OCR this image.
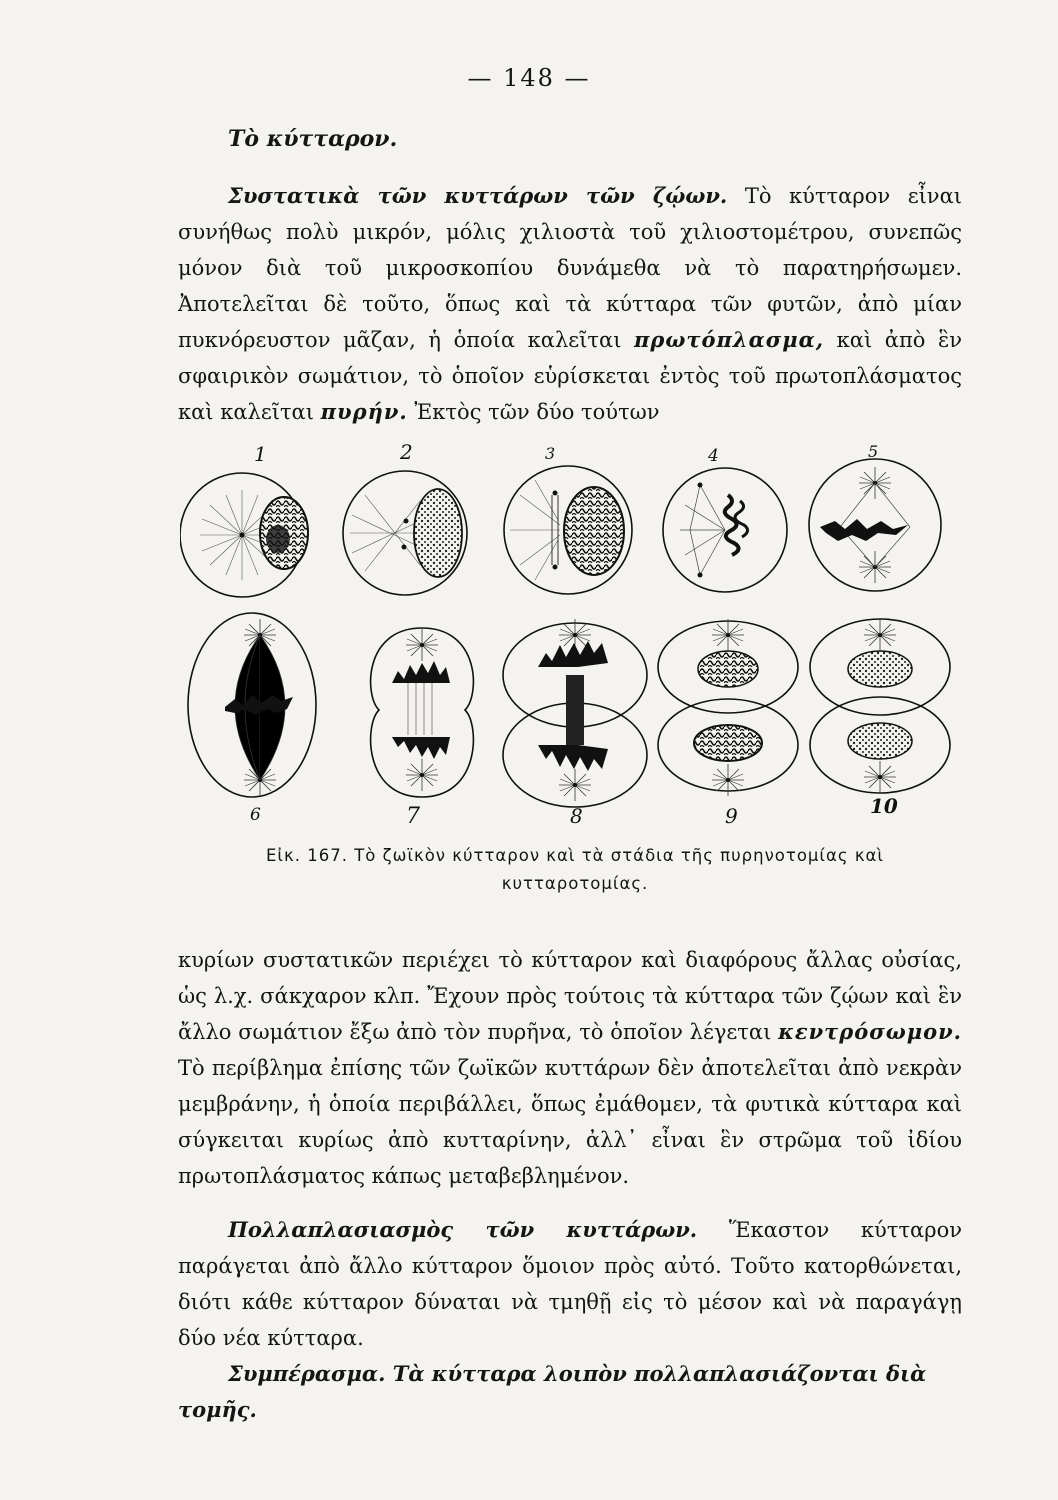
— 148 —
Τὸ κύτταρον.

Συστατικὰ τῶν κυττάρων τῶν ζῴων. Τὸ κύτταρον εἶναι συνήθως πολὺ μικρόν, μόλις χιλιοστὰ τοῦ χιλιοστομέτρου, συνεπῶς μόνον διὰ τοῦ μικροσκοπίου δυνάμεθα νὰ τὸ παρατηρήσωμεν. Ἀποτελεῖται δὲ τοῦτο, ὅπως καὶ τὰ κύτταρα τῶν φυτῶν, ἀπὸ μίαν πυκνόρευστον μᾶζαν, ἡ ὁποία καλεῖται πρωτόπλασμα, καὶ ἀπὸ ἓν σφαιρικὸν σωμάτιον, τὸ ὁποῖον εὑρίσκεται ἐντὸς τοῦ πρωτοπλάσματος καὶ καλεῖται πυρήν. Ἐκτὸς τῶν δύο τούτων

1	2	3	4	5
6	7	8	9	10
Εἰκ. 167. Τὸ ζωϊκὸν κύτταρον καὶ τὰ στάδια τῆς πυρηνοτομίας καὶ
κυτταροτομίας.

κυρίων συστατικῶν περιέχει τὸ κύτταρον καὶ διαφόρους ἄλλας οὐσίας, ὡς λ.χ. σάκχαρον κλπ. Ἔχουν πρὸς τούτοις τὰ κύτταρα τῶν ζῴων καὶ ἓν ἄλλο σωμάτιον ἔξω ἀπὸ τὸν πυρῆνα, τὸ ὁποῖον λέγεται κεντρόσωμον. Τὸ περίβλημα ἐπίσης τῶν ζωϊκῶν κυττάρων δὲν ἀποτελεῖται ἀπὸ νεκρὰν μεμβράνην, ἡ ὁποία περιβάλλει, ὅπως ἐμάθομεν, τὰ φυτικὰ κύτταρα καὶ σύγκειται κυρίως ἀπὸ κυτταρίνην, ἀλλ᾿ εἶναι ἓν στρῶμα τοῦ ἰδίου πρωτοπλάσματος κάπως μεταβεβλημένον.

Πολλαπλασιασμὸς τῶν κυττάρων. Ἕκαστον κύτταρον παράγεται ἀπὸ ἄλλο κύτταρον ὅμοιον πρὸς αὐτό. Τοῦτο κατορθώνεται, διότι κάθε κύτταρον δύναται νὰ τμηθῇ εἰς τὸ μέσον καὶ νὰ παραγάγῃ δύο νέα κύτταρα.

Συμπέρασμα. Τὰ κύτταρα λοιπὸν πολλαπλασιάζονται διὰ τομῆς.
